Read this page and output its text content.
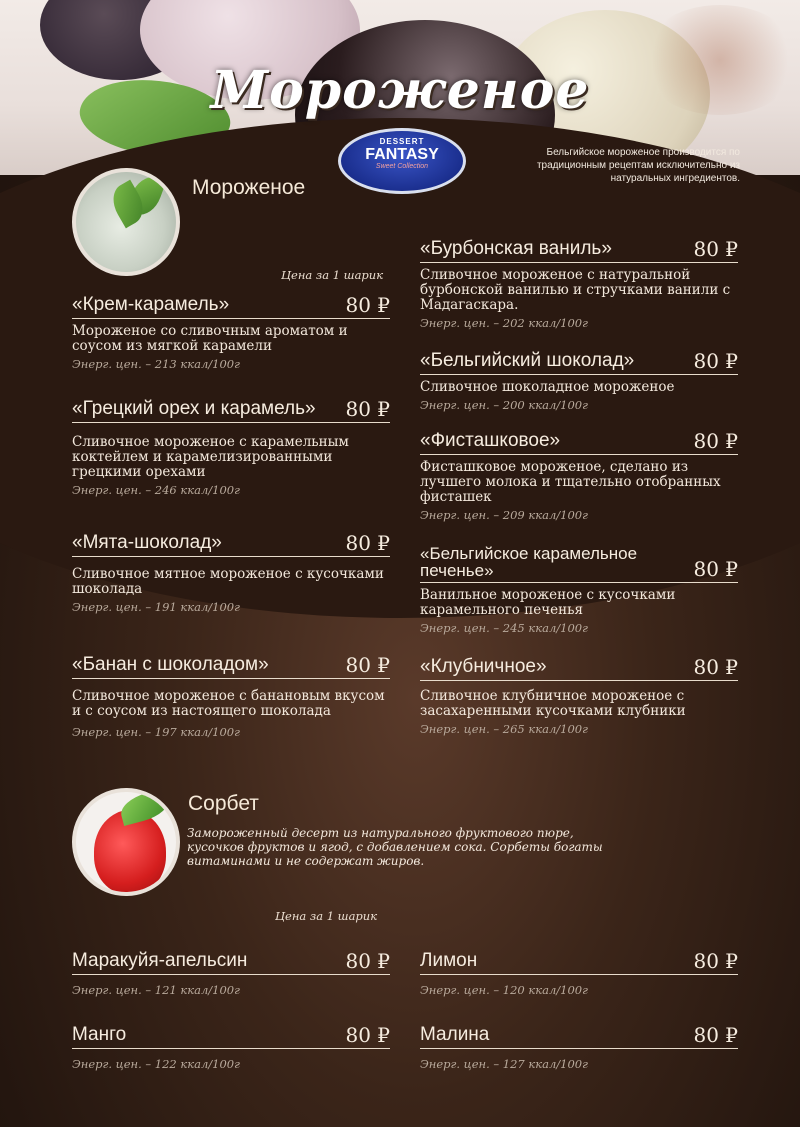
Мороженое
DESSERT
FANTASY
Sweet Collection
Бельгийское мороженое производится по традиционным рецептам исключительно из натуральных ингредиентов.
Мороженое
Цена за 1 шарик
«Крем-карамель»	80 ₽
Мороженое со сливочным ароматом и соусом из мягкой карамели
Энерг. цен. – 213 ккал/100г
«Грецкий орех и карамель» 80 ₽
Сливочное мороженое с карамельным коктейлем и карамелизированными грецкими орехами
Энерг. цен. – 246 ккал/100г
«Мята-шоколад»	80 ₽
Сливочное мятное мороженое с кусочками шоколада
Энерг. цен. – 191 ккал/100г
«Банан с шоколадом»	80 ₽
Сливочное мороженое с банановым вкусом и с соусом из настоящего шоколада
Энерг. цен. – 197 ккал/100г
«Бурбонская ваниль»	80 ₽
Сливочное мороженое с натуральной бурбонской ванилью и стручками ванили с Мадагаскара.
Энерг. цен. – 202 ккал/100г
«Бельгийский шоколад»	80 ₽
Сливочное шоколадное мороженое
Энерг. цен. – 200 ккал/100г
«Фисташковое»	80 ₽
Фисташковое мороженое, сделано из лучшего молока и тщательно отобранных фисташек
Энерг. цен. – 209 ккал/100г
«Бельгийское карамельное печенье»	80 ₽
Ванильное мороженое с кусочками карамельного печенья
Энерг. цен. – 245 ккал/100г
«Клубничное»	80 ₽
Сливочное клубничное мороженое с засахаренными кусочками клубники
Энерг. цен. – 265 ккал/100г
Сорбет
Замороженный десерт из натурального фруктового пюре, кусочков фруктов и ягод, с добавлением сока. Сорбеты богаты витаминами и не содержат жиров.
Цена за 1 шарик
Маракуйя-апельсин	80 ₽
Энерг. цен. – 121 ккал/100г
Лимон	80 ₽
Энерг. цен. – 120 ккал/100г
Манго	80 ₽
Энерг. цен. – 122 ккал/100г
Малина	80 ₽
Энерг. цен. – 127 ккал/100г
